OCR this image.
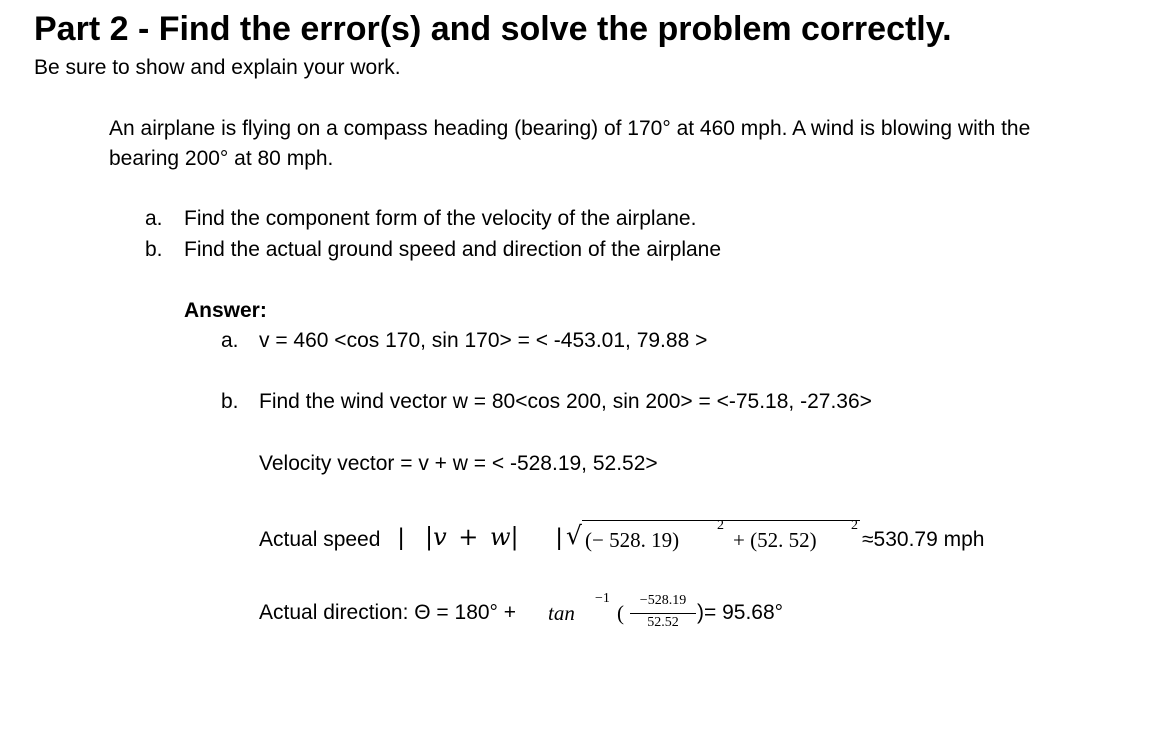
Part 2 - Find the error(s) and solve the problem correctly.
Be sure to show and explain your work.
An airplane is flying on a compass heading (bearing) of 170° at 460 mph. A wind is blowing with the
bearing 200° at 80 mph.
a. Find the component form of the velocity of the airplane.
b. Find the actual ground speed and direction of the airplane
Answer:
a. v = 460 <cos 170, sin 170> = < -453.01, 79.88 >
b. Find the wind vector w = 80<cos 200, sin 200> = <-75.18, -27.36>
Velocity vector = v + w = < -528.19, 52.52>
Actual speed | |v + w| | √ (− 528. 19)
2
+ (52. 52)
2
≈530.79 mph
Actual direction: Θ = 180° + tan
−1
(
−528.19
52.52 )= 95.68°
